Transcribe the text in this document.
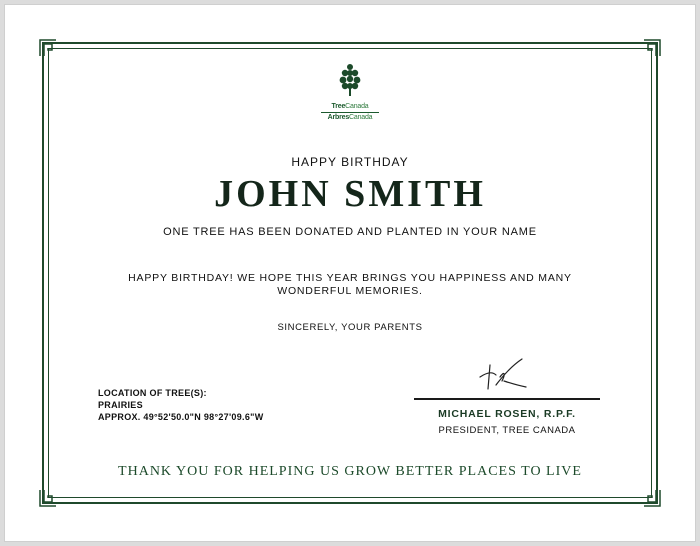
TreeCanada
ArbresCanada
HAPPY BIRTHDAY
JOHN SMITH
ONE TREE HAS BEEN DONATED AND PLANTED IN YOUR NAME
HAPPY BIRTHDAY! WE HOPE THIS YEAR BRINGS YOU HAPPINESS AND MANY
WONDERFUL MEMORIES.
SINCERELY, YOUR PARENTS
LOCATION OF TREE(S):
PRAIRIES
APPROX. 49°52'50.0"N 98°27'09.6"W	MICHAEL ROSEN, R.P.F.
PRESIDENT, TREE CANADA
THANK YOU FOR HELPING US GROW BETTER PLACES TO LIVE
